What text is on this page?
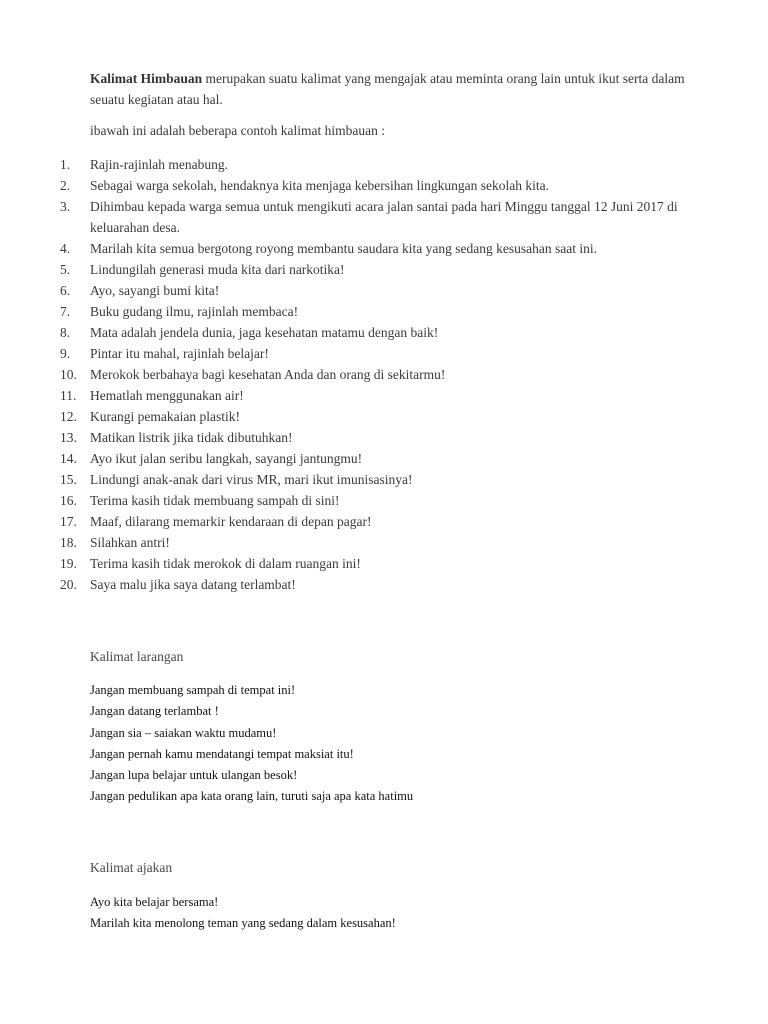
Kalimat Himbauan merupakan suatu kalimat yang mengajak atau meminta orang lain untuk ikut serta dalam seuatu kegiatan atau hal.

ibawah ini adalah beberapa contoh kalimat himbauan :

1.	Rajin-rajinlah menabung.
2.	Sebagai warga sekolah, hendaknya kita menjaga kebersihan lingkungan sekolah kita.
3.	Dihimbau kepada warga semua untuk mengikuti acara jalan santai pada hari Minggu tanggal 12 Juni 2017 di keluarahan desa.
4.	Marilah kita semua bergotong royong membantu saudara kita yang sedang kesusahan saat ini.
5.	Lindungilah generasi muda kita dari narkotika!
6.	Ayo, sayangi bumi kita!
7.	Buku gudang ilmu, rajinlah membaca!
8.	Mata adalah jendela dunia, jaga kesehatan matamu dengan baik!
9.	Pintar itu mahal, rajinlah belajar!
10. Merokok berbahaya bagi kesehatan Anda dan orang di sekitarmu!
11.	Hematlah menggunakan air!
12. Kurangi pemakaian plastik!
13. Matikan listrik jika tidak dibutuhkan!
14. Ayo ikut jalan seribu langkah, sayangi jantungmu!
15. Lindungi anak-anak dari virus MR, mari ikut imunisasinya!
16. Terima kasih tidak membuang sampah di sini!
17. Maaf, dilarang memarkir kendaraan di depan pagar!
18. Silahkan antri!
19. Terima kasih tidak merokok di dalam ruangan ini!
20. Saya malu jika saya datang terlambat!
Kalimat larangan
Jangan membuang sampah di tempat ini!
Jangan datang terlambat !
Jangan sia – saiakan waktu mudamu!
Jangan pernah kamu mendatangi tempat maksiat itu!
Jangan lupa belajar untuk ulangan besok!
Jangan pedulikan apa kata orang lain, turuti saja apa kata hatimu
Kalimat ajakan
Ayo kita belajar bersama!
Marilah kita menolong teman yang sedang dalam kesusahan!
